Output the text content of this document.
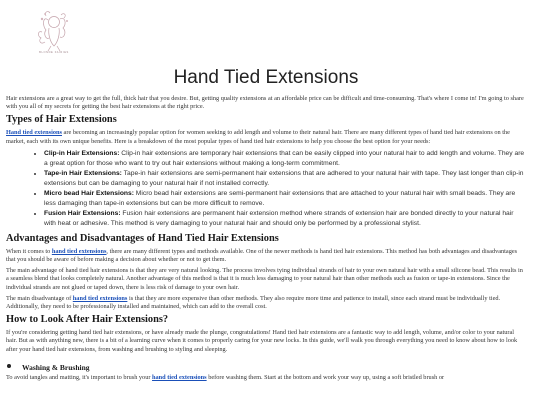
BLONDE FAIRIES
Hand Tied Extensions

Hair extensions are a great way to get the full, thick hair that you desire. But, getting quality extensions at an affordable price can be difficult and time-consuming. That's where I come in! I'm going to share with you all of my secrets for getting the best hair extensions at the right price.

Types of Hair Extensions

Hand tied extensions are becoming an increasingly popular option for women seeking to add length and volume to their natural hair. There are many different types of hand tied hair extensions on the market, each with its own unique benefits. Here is a breakdown of the most popular types of hand tied hair extensions to help you choose the best option for your needs:

• Clip-in Hair Extensions: Clip-in hair extensions are temporary hair extensions that can be easily clipped into your natural hair to add length and volume. They are a great option for those who want to try out hair extensions without making a long-term commitment.
• Tape-in Hair Extensions: Tape-in hair extensions are semi-permanent hair extensions that are adhered to your natural hair with tape. They last longer than clip-in extensions but can be damaging to your natural hair if not installed correctly.
• Micro bead Hair Extensions: Micro bead hair extensions are semi-permanent hair extensions that are attached to your natural hair with small beads. They are less damaging than tape-in extensions but can be more difficult to remove.
• Fusion Hair Extensions: Fusion hair extensions are permanent hair extension method where strands of extension hair are bonded directly to your natural hair with heat or adhesive. This method is very damaging to your natural hair and should only be performed by a professional stylist.
Advantages and Disadvantages of Hand Tied Hair Extensions

When it comes to hand tied extensions, there are many different types and methods available. One of the newer methods is hand tied hair extensions. This method has both advantages and disadvantages that you should be aware of before making a decision about whether or not to get them.

The main advantage of hand tied hair extensions is that they are very natural looking. The process involves tying individual strands of hair to your own natural hair with a small silicone bead. This results in a seamless blend that looks completely natural. Another advantage of this method is that it is much less damaging to your natural hair than other methods such as fusion or tape-in extensions. Since the individual strands are not glued or taped down, there is less risk of damage to your own hair.

The main disadvantage of hand tied extensions is that they are more expensive than other methods. They also require more time and patience to install, since each strand must be individually tied. Additionally, they need to be professionally installed and maintained, which can add to the overall cost.

How to Look After Hair Extensions?

If you're considering getting hand tied hair extensions, or have already made the plunge, congratulations! Hand tied hair extensions are a fantastic way to add length, volume, and/or color to your natural hair. But as with anything new, there is a bit of a learning curve when it comes to properly caring for your new locks. In this guide, we'll walk you through everything you need to know about how to look after your hand tied hair extensions, from washing and brushing to styling and sleeping.

• Washing & Brushing

To avoid tangles and matting, it's important to brush your hand tied extensions before washing them. Start at the bottom and work your way up, using a soft bristled brush or
